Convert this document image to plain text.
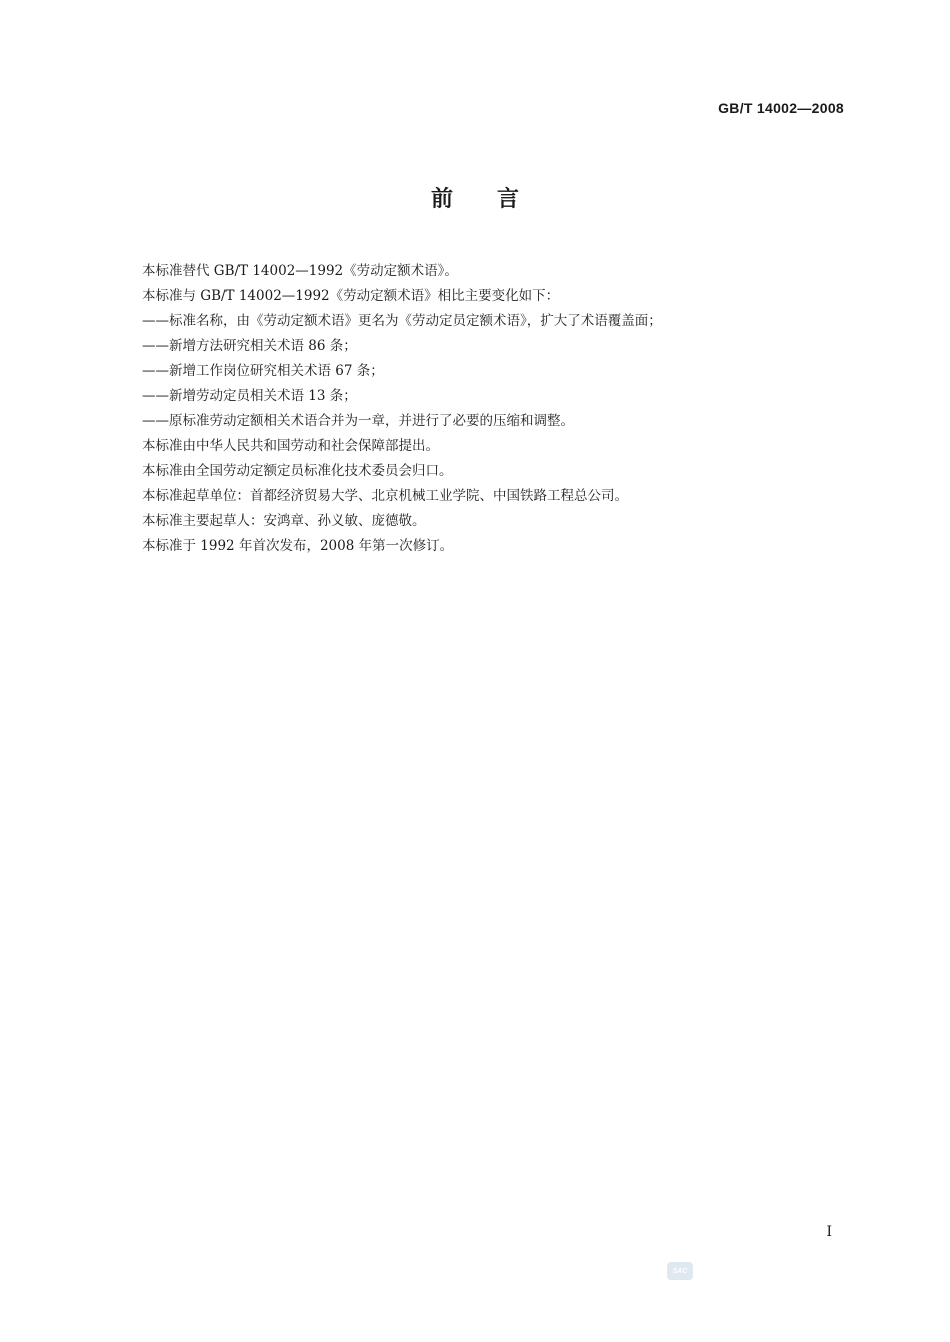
GB/T 14002—2008
前言
本标准替代 GB/T 14002—1992《劳动定额术语》。
本标准与 GB/T 14002—1992《劳动定额术语》相比主要变化如下：
——标准名称，由《劳动定额术语》更名为《劳动定员定额术语》，扩大了术语覆盖面；
——新增方法研究相关术语 86 条；
——新增工作岗位研究相关术语 67 条；
——新增劳动定员相关术语 13 条；
——原标准劳动定额相关术语合并为一章，并进行了必要的压缩和调整。
本标准由中华人民共和国劳动和社会保障部提出。
本标准由全国劳动定额定员标准化技术委员会归口。
本标准起草单位：首都经济贸易大学、北京机械工业学院、中国铁路工程总公司。
本标准主要起草人：安鸿章、孙义敏、庞德敬。
本标准于 1992 年首次发布，2008 年第一次修订。
I
SAC
